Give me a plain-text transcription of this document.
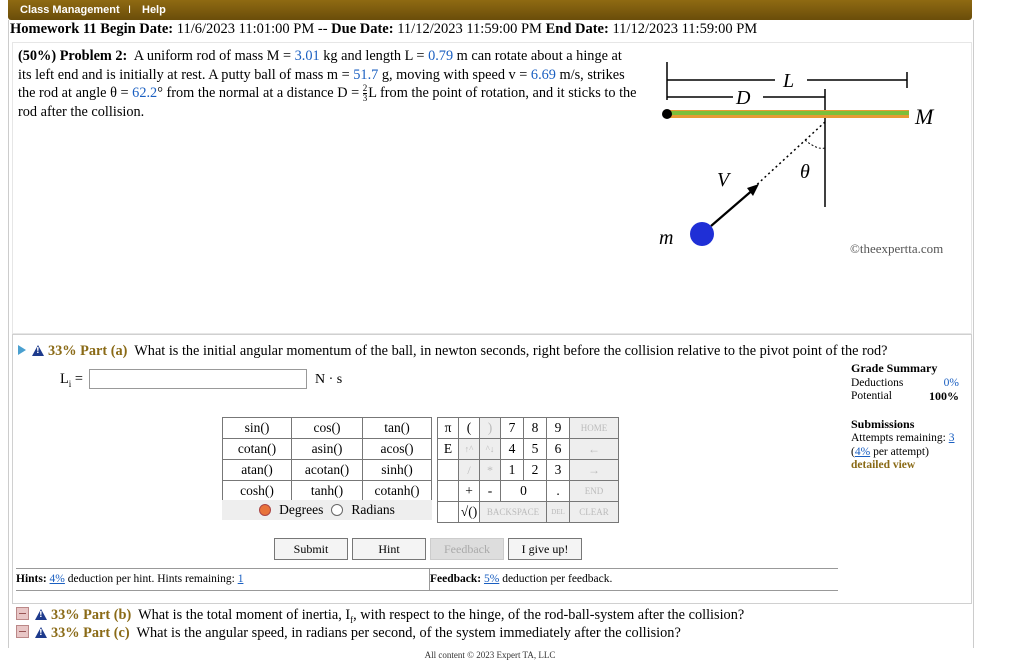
Class Management I Help
Homework 11 Begin Date: 11/6/2023 11:01:00 PM -- Due Date: 11/12/2023 11:59:00 PM End Date: 11/12/2023 11:59:00 PM
(50%) Problem 2: A uniform rod of mass M = 3.01 kg and length L = 0.79 m can rotate about a hinge at its left end and is initially at rest. A putty ball of mass m = 51.7 g, moving with speed v = 6.69 m/s, strikes the rod at angle θ = 62.2° from the normal at a distance $D = \frac{2}{3}$ L from the point of rotation, and it sticks to the rod after the collision.
L
D
M
V	θ
m	©theexpertta.com
!33% Part (a) What is the initial angular momentum of the ball, in newton seconds, right before the collision relative to the pivot point of the rod?
$L_i$ =	N · s
Grade Summary
Deductions	0%
Potential	100%
Submissions
Attempts remaining: 3
(4% per attempt)
detailed view
sin()	cos()	tan()
cotan()	asin()	acos()
atan()	acotan()	sinh()
cosh()	tanh()	cotanh()
Degrees Radians
π	(	)	7	8	9	HOME
E	↑^	^↓	4	5	6	←
	/	*	1	2	3	→
	+	-	0		.	END
	√()	BACKSPACE			DEL	CLEAR
Submit	Hint	Feedback	I give up!
Hints: 4% deduction per hint. Hints remaining: 1	Feedback: 5% deduction per feedback.
!33% Part (b) What is the total moment of inertia, $I_f$, with respect to the hinge, of the rod-ball-system after the collision?
!33% Part (c) What is the angular speed, in radians per second, of the system immediately after the collision?
All content © 2023 Expert TA, LLC
